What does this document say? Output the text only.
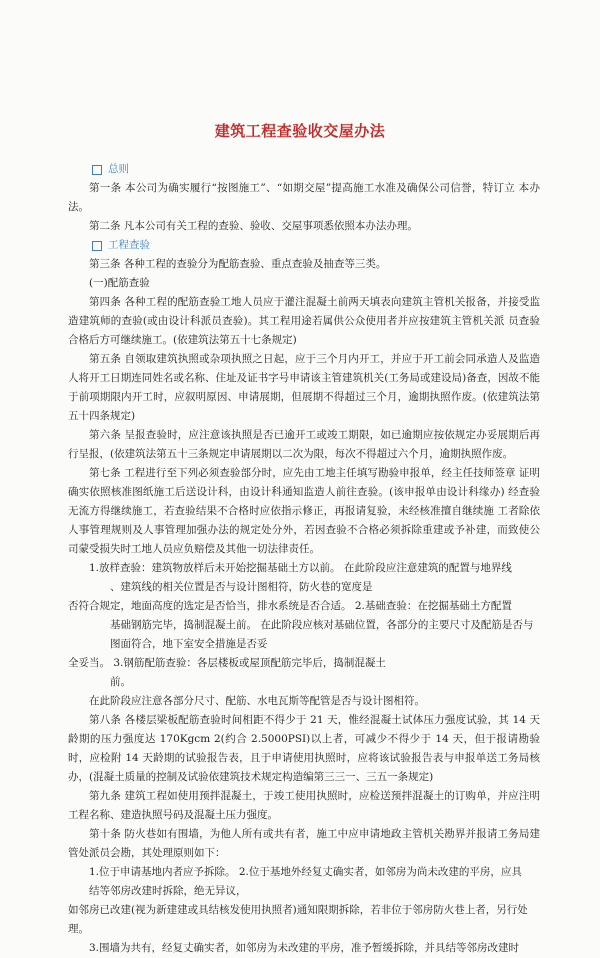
建筑工程查验收交屋办法
总则
第一条 本公司为确实履行“按图施工”、“如期交屋”提高施工水准及确保公司信誉，特订立 本办法。
第二条 凡本公司有关工程的查验、验收、交屋事项悉依照本办法办理。
工程查验
第三条 各种工程的查验分为配筋查验、重点查验及抽查等三类。
(一)配筋查验
第四条 各种工程的配筋查验工地人员应于灌注混凝土前两天填表向建筑主管机关报备，并接受监造建筑师的查验(或由设计科派员查验)。其工程用途若属供公众使用者并应按建筑主管机关派 员查验合格后方可继续施工。(依建筑法第五十七条规定)
第五条 自领取建筑执照或杂项执照之日起，应于三个月内开工，并应于开工前会同承造人及监造人将开工日期连同姓名或名称、住址及证书字号申请该主管建筑机关(工务局或建设局)备查，因故不能于前项期限内开工时，应叙明原因、申请展期，但展期不得超过三个月，逾期执照作废。(依建筑法第五十四条规定)
第六条 呈报查验时，应注意该执照是否已逾开工或竣工期限，如已逾期应按依规定办妥展期后再行呈报，(依建筑法第五十三条规定申请展期以二次为限，每次不得超过六个月，逾期执照作废。
第七条 工程进行至下列必须查验部分时，应先由工地主任填写勘验申报单，经主任技师签章 证明确实依照核准图纸施工后送设计科，由设计科通知监造人前往查验。(该申报单由设计科缘办) 经查验无流方得继续施工，若查验结果不合格时应依指示修正，再报请复验，未经核准擅自继续施 工者除依人事管理规则及人事管理加强办法的规定处分外，若因查验不合格必须拆除重建或予补建，而致使公司蒙受损失时工地人员应负赔偿及其他一切法律责任。
1.放样查验：建筑物放样后未开始挖掘基础土方以前。 在此阶段应注意建筑的配置与地界线
、建筑线的相关位置是否与设计图相符，防火巷的宽度是
否符合规定，地面高度的选定是否恰当，排水系统是否合适。 2.基础查验：在挖掘基础土方配置
基础钢筋完毕，捣制混凝土前。 在此阶段应核对基础位置，各部分的主要尺寸及配筋是否与
图面符合，地下室安全措施是否妥
全妥当。 3.钢筋配筋查验：各层楼板或屋顶配筋完毕后，捣制混凝土
前。
在此阶段应注意各部分尺寸、配筋、水电瓦斯等配管是否与设计图相符。
第八条 各楼层梁板配筋查验时间相距不得少于 21 天，惟经混凝土试体压力强度试验，其 14 天龄期的压力强度达 170Kgcm 2(约合 2.5000PSI)以上者，可减少不得少于 14 天，但于报请勘验时，应检附 14 天龄期的试验报告表，且于申请使用执照时，应将该试验报告表与申报单送工务局核办，(混凝土质量的控制及试验依建筑技术规定构造编第三三一、三五一条规定)
第九条 建筑工程如使用预拌混凝土，于竣工使用执照时，应检送预拌混凝土的订购单，并应注明工程名称、建造执照号码及混凝土压力强度。
第十条 防火巷如有围墙，为他人所有或共有者，施工中应申请地政主管机关勘界并报请工务局建管处派员会勘，其处理原则如下：
1.位于申请基地内者应予拆除。 2.位于基地外经复丈确实者，如邻房为尚未改建的平房，应具
结等邻房改建时拆除，绝无异议，
如邻房已改建(视为新建建或具结核发使用执照者)通知限期拆除，若非位于邻房防火巷上者，另行处理。
3.围墙为共有，经复丈确实者，如邻房为未改建的平房，准予暂缓拆除，并具结等邻房改建时
